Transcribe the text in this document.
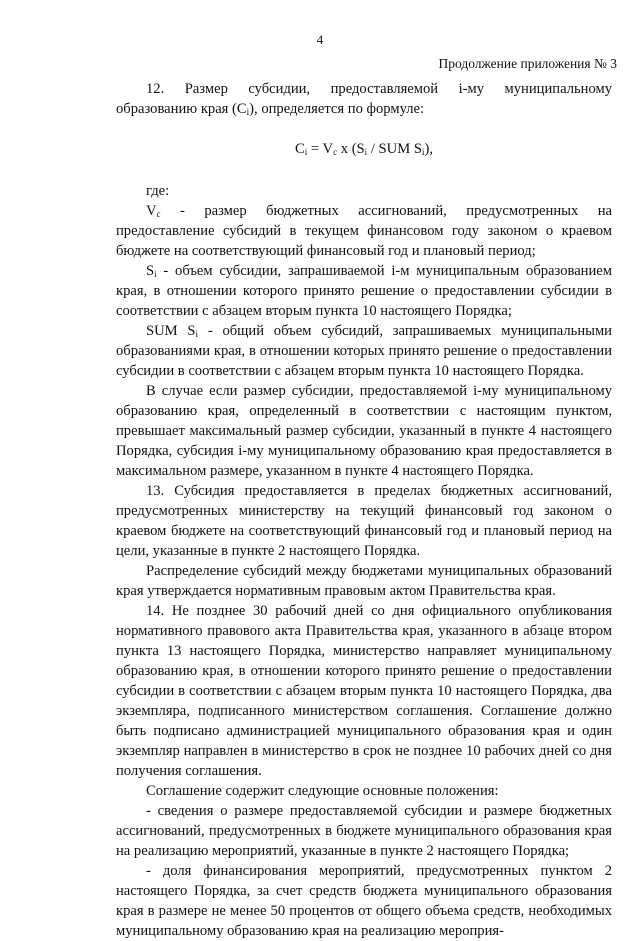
4
Продолжение приложения № 3

12. Размер субсидии, предоставляемой i-му муниципальному образованию края $(C_i)$, определяется по формуле:

$C_i = V_c$ x ($S_i$ / SUM $S_i$),

где:

$V_c$ - размер бюджетных ассигнований, предусмотренных на предоставление субсидий в текущем финансовом году законом о краевом бюджете на соответствующий финансовый год и плановый период;

$S_i$ - объем субсидии, запрашиваемой i-м муниципальным образованием края, в отношении которого принято решение о предоставлении субсидии в соответствии с абзацем вторым пункта 10 настоящего Порядка;

SUM $S_i$ - общий объем субсидий, запрашиваемых муниципальными образованиями края, в отношении которых принято решение о предоставлении субсидии в соответствии с абзацем вторым пункта 10 настоящего Порядка.

В случае если размер субсидии, предоставляемой i-му муниципальному образованию края, определенный в соответствии с настоящим пунктом, превышает максимальный размер субсидии, указанный в пункте 4 настоящего Порядка, субсидия i-му муниципальному образованию края предоставляется в максимальном размере, указанном в пункте 4 настоящего Порядка.

13. Субсидия предоставляется в пределах бюджетных ассигнований, предусмотренных министерству на текущий финансовый год законом о краевом бюджете на соответствующий финансовый год и плановый период на цели, указанные в пункте 2 настоящего Порядка.

Распределение субсидий между бюджетами муниципальных образований края утверждается нормативным правовым актом Правительства края.

14. Не позднее 30 рабочий дней со дня официального опубликования нормативного правового акта Правительства края, указанного в абзаце втором пункта 13 настоящего Порядка, министерство направляет муниципальному образованию края, в отношении которого принято решение о предоставлении субсидии в соответствии с абзацем вторым пункта 10 настоящего Порядка, два экземпляра, подписанного министерством соглашения. Соглашение должно быть подписано администрацией муниципального образования края и один экземпляр направлен в министерство в срок не позднее 10 рабочих дней со дня получения соглашения.

Соглашение содержит следующие основные положения:

- сведения о размере предоставляемой субсидии и размере бюджетных ассигнований, предусмотренных в бюджете муниципального образования края на реализацию мероприятий, указанные в пункте 2 настоящего Порядка;

- доля финансирования мероприятий, предусмотренных пунктом 2 настоящего Порядка, за счет средств бюджета муниципального образования края в размере не менее 50 процентов от общего объема средств, необходимых муниципальному образованию края на реализацию мероприя-
